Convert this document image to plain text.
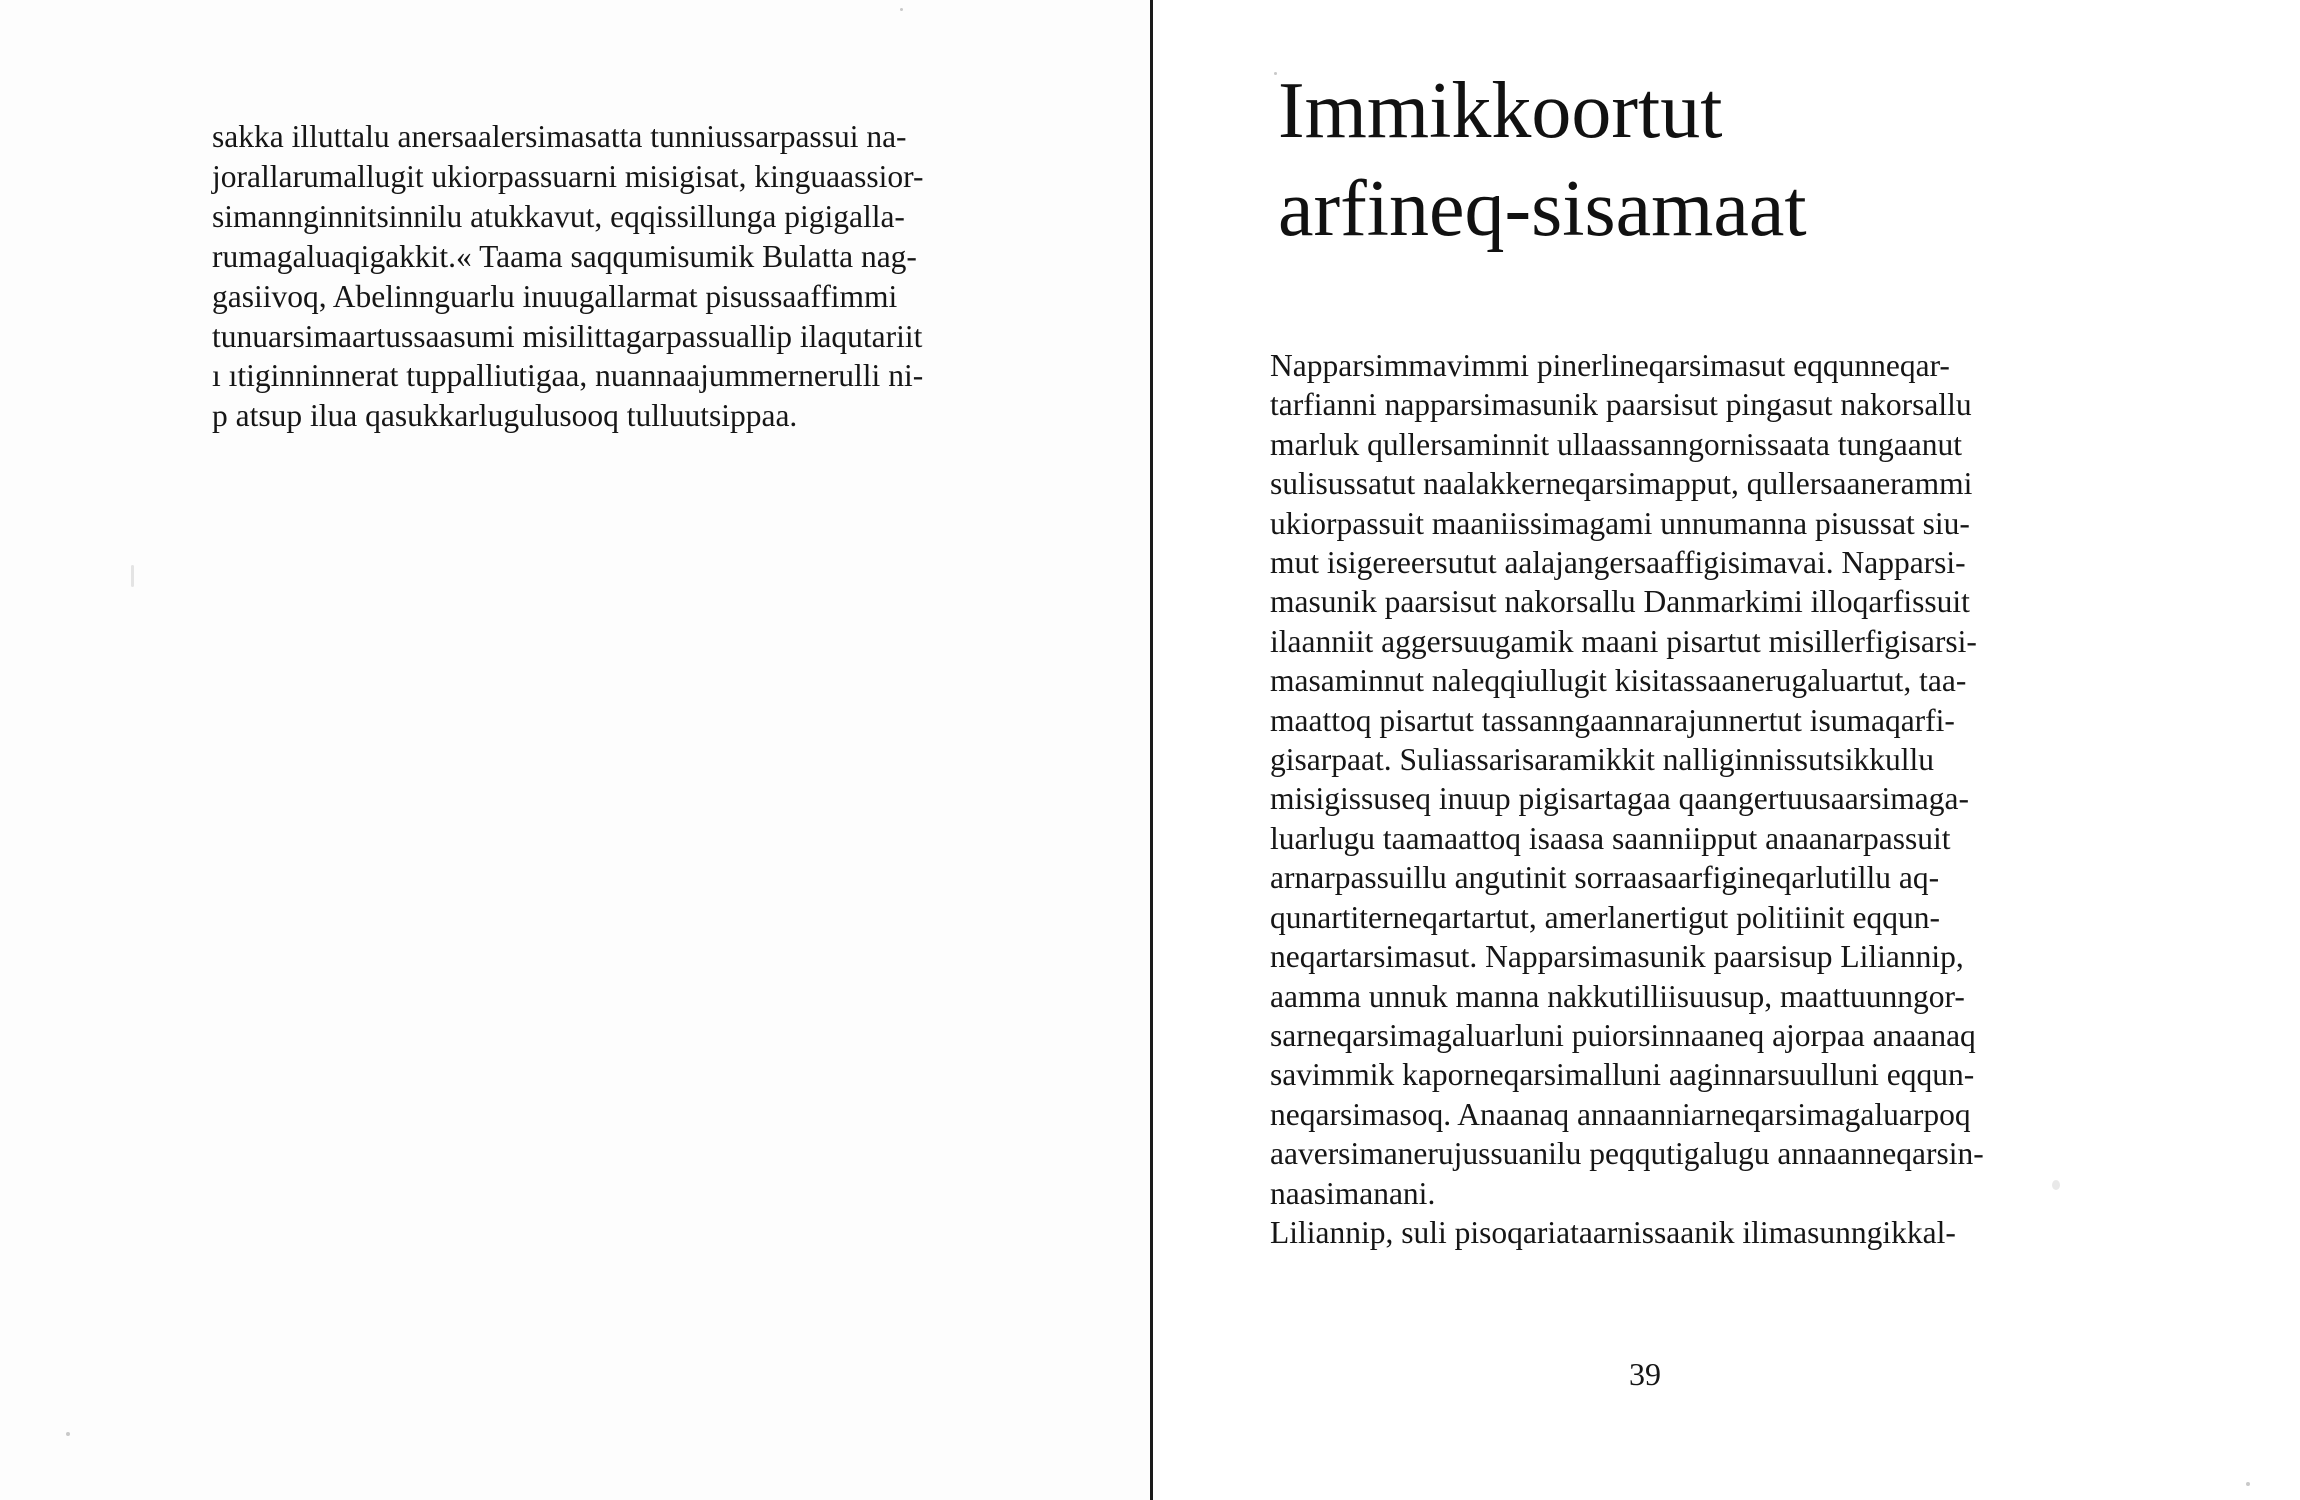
sakka illuttalu anersaalersimasatta tunniussarpassui na-
jorallarumallugit ukiorpassuarni misigisat, kinguaassior-
simannginnitsinnilu atukkavut, eqqissillunga pigigalla-
rumagaluaqigakkit.« Taama saqqumisumik Bulatta nag-
gasiivoq, Abelinnguarlu inuugallarmat pisussaaffimmi
tunuarsimaartussaasumi misilittagarpassuallip ilaqutariit
ı ıtiginninnerat tuppalliutigaa, nuannaajummernerulli ni-
p atsup ilua qasukkarlugulusooq tulluutsippaa.
Immikkoortut
arfineq-sisamaat
Napparsimmavimmi pinerlineqarsimasut eqqunneqar-
tarfianni napparsimasunik paarsisut pingasut nakorsallu
marluk qullersaminnit ullaassanngornissaata tungaanut
sulisussatut naalakkerneqarsimapput, qullersaanerammi
ukiorpassuit maaniissimagami unnumanna pisussat siu-
mut isigereersutut aalajangersaaffigisimavai. Napparsi-
masunik paarsisut nakorsallu Danmarkimi illoqarfissuit
ilaanniit aggersuugamik maani pisartut misillerfigisarsi-
masaminnut naleqqiullugit kisitassaanerugaluartut, taa-
maattoq pisartut tassanngaannarajunnertut isumaqarfi-
gisarpaat. Suliassarisaramikkit nalliginnissutsikkullu
misigissuseq inuup pigisartagaa qaangertuusaarsimaga-
luarlugu taamaattoq isaasa saanniipput anaanarpassuit
arnarpassuillu angutinit sorraasaarfigineqarlutillu aq-
qunartiterneqartartut, amerlanertigut politiinit eqqun-
neqartarsimasut. Napparsimasunik paarsisup Liliannip,
aamma unnuk manna nakkutilliisuusup, maattuunngor-
sarneqarsimagaluarluni puiorsinnaaneq ajorpaa anaanaq
savimmik kaporneqarsimalluni aaginnarsuulluni eqqun-
neqarsimasoq. Anaanaq annaanniarneqarsimagaluarpoq
aaversimanerujussuanilu peqqutigalugu annaanneqarsin-
naasimanani.
Liliannip, suli pisoqariataarnissaanik ilimasunngikkal-
39
